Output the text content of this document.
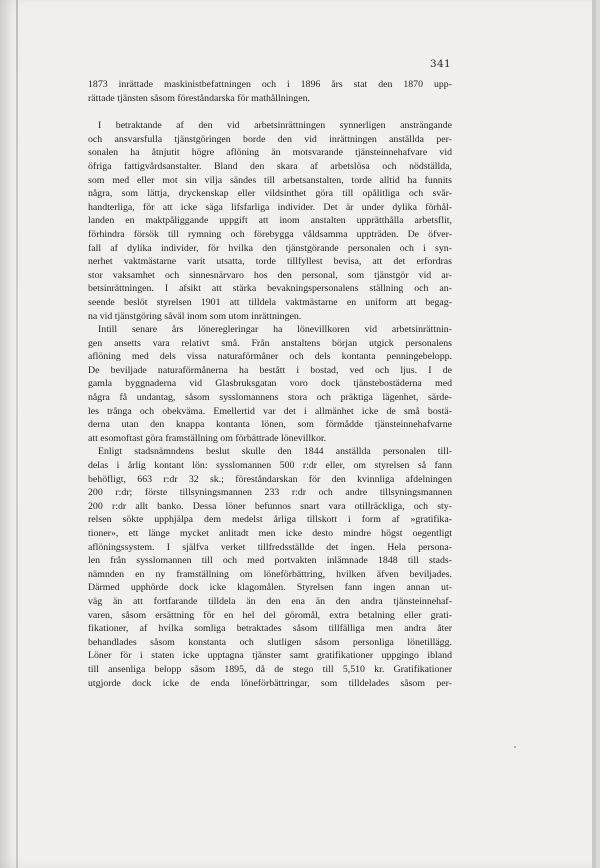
341

1873 inrättade maskinistbefattningen och i 1896 års stat den 1870 upp-
rättade tjänsten såsom föreståndarska för mathållningen.

I betraktande af den vid arbetsinrättningen synnerligen ansträngande
och ansvarsfulla tjänstgöringen borde den vid inrättningen anställda per-
sonalen ha åtnjutit högre aflöning än motsvarande tjänsteinnehafvare vid
öfriga fattigvårdsanstalter. Bland den skara af arbetslösa och nödställda,
som med eller mot sin vilja sändes till arbetsanstalten, torde alltid ha funnits
några, som lättja, dryckenskap eller vildsinthet göra till opålitliga och svår-
handterliga, för att icke säga lifsfarliga individer. Det är under dylika förhål-
landen en maktpåliggande uppgift att inom anstalten upprätthålla arbetsflit,
förhindra försök till rymning och förebygga våldsamma uppträden. De öfver-
fall af dylika individer, för hvilka den tjänstgörande personalen och i syn-
nerhet vaktmästarne varit utsatta, torde tillfyllest bevisa, att det erfordras
stor vaksamhet och sinnesnärvaro hos den personal, som tjänstgör vid ar-
betsinrättningen. I afsikt att stärka bevakningspersonalens ställning och an-
seende beslöt styrelsen 1901 att tilldela vaktmästarne en uniform att begag-
na vid tjänstgöring såväl inom som utom inrättningen.

Intill senare års löneregleringar ha lönevillkoren vid arbetsinrättnin-
gen ansetts vara relativt små. Från anstaltens början utgick personalens
aflöning med dels vissa naturaförmåner och dels kontanta penningebelopp.
De beviljade naturaförmånerna ha bestått i bostad, ved och ljus. I de
gamla byggnaderna vid Glasbruksgatan voro dock tjänstebostäderna med
några få undantag, såsom sysslomannens stora och präktiga lägenhet, särde-
les trånga och obekväma. Emellertid var det i allmänhet icke de små bostä-
derna utan den knappa kontanta lönen, som förmådde tjänsteinnehafvarne
att esomoftast göra framställning om förbättrade lönevillkor.

Enligt stadsnämndens beslut skulle den 1844 anställda personalen till-
delas i årlig kontant lön: sysslomannen 500 r:dr eller, om styrelsen så fann
behöfligt, 663 r:dr 32 sk.; föreståndarskan för den kvinnliga afdelningen
200 r:dr; förste tillsyningsmannen 233 r:dr och andre tillsyningsmannen
200 r:dr allt banko. Dessa löner befunnos snart vara otillräckliga, och sty-
relsen sökte upphjälpa dem medelst årliga tillskott i form af »gratifika-
tioner», ett länge mycket anlitadt men icke desto mindre högst oegentligt
aflöningssystem. I själfva verket tillfredsställde det ingen. Hela persona-
len från sysslomannen till och med portvakten inlämnade 1848 till stads-
nämnden en ny framställning om löneförbättring, hvilken äfven beviljades.
Därmed upphörde dock icke klagomålen. Styrelsen fann ingen annan ut-
väg än att fortfarande tilldela än den ena än den andra tjänsteinnehaf-
varen, såsom ersättning för en hel del göromål, extra betalning eller grati-
fikationer, af hvilka somliga betraktades såsom tillfälliga men andra åter
behandlades såsom konstanta och slutligen såsom personliga lönetillägg.
Löner för i staten icke upptagna tjänster samt gratifikationer uppgingo ibland
till ansenliga belopp såsom 1895, då de stego till 5,510 kr. Gratifikationer
utgjorde dock icke de enda löneförbättringar, som tilldelades såsom per-
